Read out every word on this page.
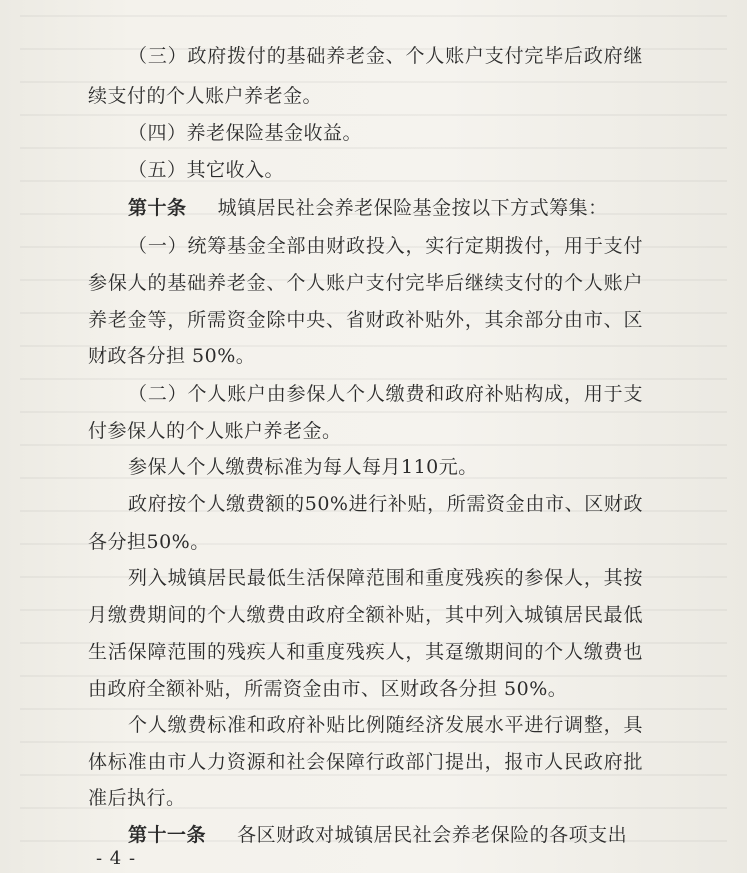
（三）政府拨付的基础养老金、个人账户支付完毕后政府继
续支付的个人账户养老金。
（四）养老保险基金收益。
（五）其它收入。
第十条 城镇居民社会养老保险基金按以下方式筹集：
（一）统筹基金全部由财政投入，实行定期拨付，用于支付
参保人的基础养老金、个人账户支付完毕后继续支付的个人账户
养老金等，所需资金除中央、省财政补贴外，其余部分由市、区
财政各分担 50%。
（二）个人账户由参保人个人缴费和政府补贴构成，用于支
付参保人的个人账户养老金。
参保人个人缴费标准为每人每月110元。
政府按个人缴费额的50%进行补贴，所需资金由市、区财政
各分担50%。
列入城镇居民最低生活保障范围和重度残疾的参保人，其按
月缴费期间的个人缴费由政府全额补贴，其中列入城镇居民最低
生活保障范围的残疾人和重度残疾人，其趸缴期间的个人缴费也
由政府全额补贴，所需资金由市、区财政各分担 50%。
个人缴费标准和政府补贴比例随经济发展水平进行调整，具
体标准由市人力资源和社会保障行政部门提出，报市人民政府批
准后执行。
第十一条 各区财政对城镇居民社会养老保险的各项支出
- 4 -
